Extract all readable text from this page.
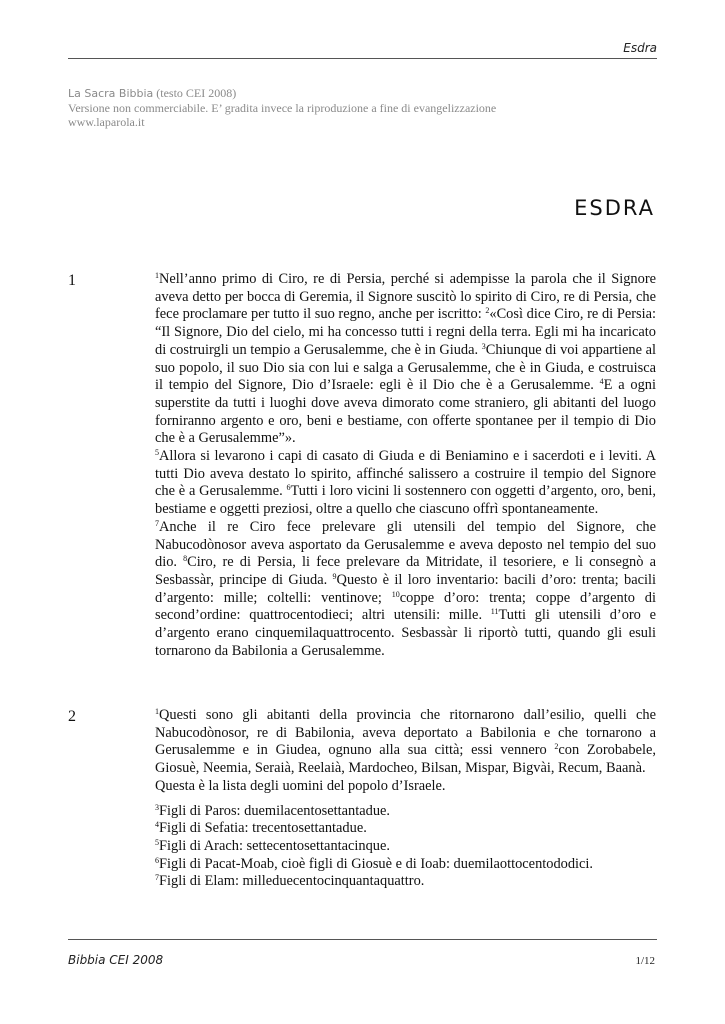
Esdra
La Sacra Bibbia (testo CEI 2008)
Versione non commerciabile. E’ gradita invece la riproduzione a fine di evangelizzazione
www.laparola.it
ESDRA
1	$^1$Nell’anno primo di Ciro, re di Persia, perché si adempisse la parola che il Signore aveva detto per bocca di Geremia, il Signore suscitò lo spirito di Ciro, re di Persia, che fece proclamare per tutto il suo regno, anche per iscritto: $^2$«Così dice Ciro, re di Persia: “Il Signore, Dio del cielo, mi ha concesso tutti i regni della terra. Egli mi ha incaricato di costruirgli un tempio a Gerusalemme, che è in Giuda. $^3$Chiunque di voi appartiene al suo popolo, il suo Dio sia con lui e salga a Gerusalemme, che è in Giuda, e costruisca il tempio del Signore, Dio d’Israele: egli è il Dio che è a Gerusalemme. $^4$E a ogni superstite da tutti i luoghi dove aveva dimorato come straniero, gli abitanti del luogo forniranno argento e oro, beni e bestiame, con offerte spontanee per il tempio di Dio che è a Gerusalemme”».

$^5$Allora si levarono i capi di casato di Giuda e di Beniamino e i sacerdoti e i leviti. A tutti Dio aveva destato lo spirito, affinché salissero a costruire il tempio del Signore che è a Gerusalemme. $^6$Tutti i loro vicini li sostennero con oggetti d’argento, oro, beni, bestiame e oggetti preziosi, oltre a quello che ciascuno offrì spontaneamente.

$^7$Anche il re Ciro fece prelevare gli utensili del tempio del Signore, che Nabucodònosor aveva asportato da Gerusalemme e aveva deposto nel tempio del suo dio. $^8$Ciro, re di Persia, li fece prelevare da Mitridate, il tesoriere, e li consegnò a Sesbassàr, principe di Giuda. $^9$Questo è il loro inventario: bacili d’oro: trenta; bacili d’argento: mille; coltelli: ventinove; $^{10}$coppe d’oro: trenta; coppe d’argento di second’ordine: quattrocentodieci; altri utensili: mille. $^{11}$Tutti gli utensili d’oro e d’argento erano cinquemilaquattrocento. Sesbassàr li riportò tutti, quando gli esuli tornarono da Babilonia a Gerusalemme.

2	$^1$Questi sono gli abitanti della provincia che ritornarono dall’esilio, quelli che Nabucodònosor, re di Babilonia, aveva deportato a Babilonia e che tornarono a Gerusalemme e in Giudea, ognuno alla sua città; essi vennero $^2$con Zorobabele, Giosuè, Neemia, Seraià, Reelaià, Mardocheo, Bilsan, Mispar, Bigvài, Recum, Baanà.

Questa è la lista degli uomini del popolo d’Israele.

$^3$Figli di Paros: duemilacentosettantadue.
$^4$Figli di Sefatia: trecentosettantadue.
$^5$Figli di Arach: settecentosettantacinque.
$^6$Figli di Pacat-Moab, cioè figli di Giosuè e di Ioab: duemilaottocentododici.
$^7$Figli di Elam: milleduecentocinquantaquattro.
Bibbia CEI 2008	1/12
